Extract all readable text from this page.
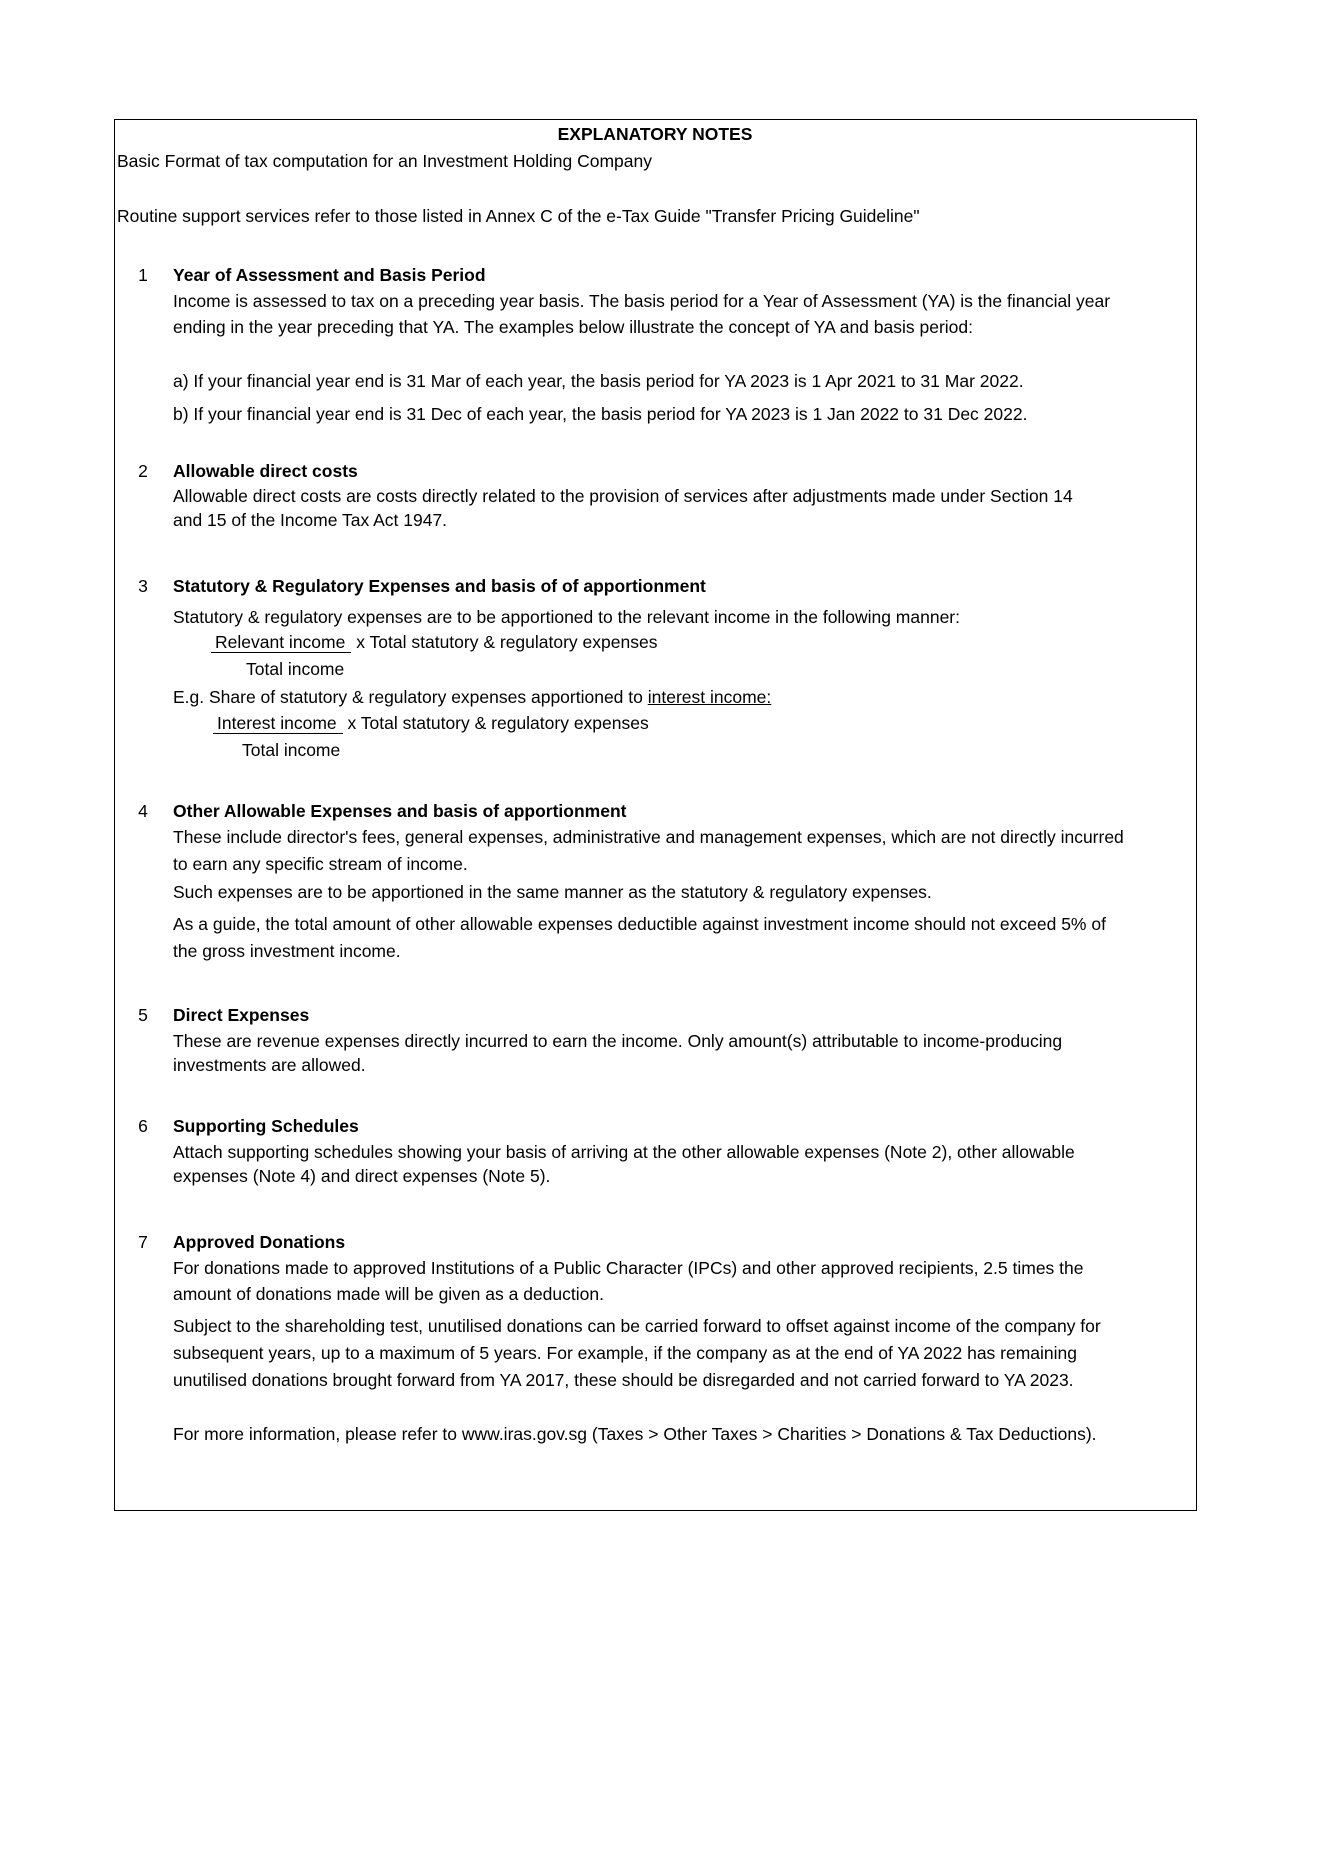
EXPLANATORY NOTES
Basic Format of tax computation for an Investment Holding Company
Routine support services refer to those listed in Annex C of the e-Tax Guide "Transfer Pricing Guideline"
1 Year of Assessment and Basis Period
Income is assessed to tax on a preceding year basis. The basis period for a Year of Assessment (YA) is the financial year
ending in the year preceding that YA. The examples below illustrate the concept of YA and basis period:
a) If your financial year end is 31 Mar of each year, the basis period for YA 2023 is 1 Apr 2021 to 31 Mar 2022.
b) If your financial year end is 31 Dec of each year, the basis period for YA 2023 is 1 Jan 2022 to 31 Dec 2022.
2 Allowable direct costs
Allowable direct costs are costs directly related to the provision of services after adjustments made under Section 14
and 15 of the Income Tax Act 1947.
3 Statutory & Regulatory Expenses and basis of of apportionment
Statutory & regulatory expenses are to be apportioned to the relevant income in the following manner:
Relevant income x Total statutory & regulatory expenses
Total income
E.g. Share of statutory & regulatory expenses apportioned to interest income:
Interest income x Total statutory & regulatory expenses
Total income
4 Other Allowable Expenses and basis of apportionment
These include director's fees, general expenses, administrative and management expenses, which are not directly incurred
to earn any specific stream of income.
Such expenses are to be apportioned in the same manner as the statutory & regulatory expenses.
As a guide, the total amount of other allowable expenses deductible against investment income should not exceed 5% of
the gross investment income.
5 Direct Expenses
These are revenue expenses directly incurred to earn the income. Only amount(s) attributable to income-producing
investments are allowed.
6 Supporting Schedules
Attach supporting schedules showing your basis of arriving at the other allowable expenses (Note 2), other allowable
expenses (Note 4) and direct expenses (Note 5).
7 Approved Donations
For donations made to approved Institutions of a Public Character (IPCs) and other approved recipients, 2.5 times the
amount of donations made will be given as a deduction.
Subject to the shareholding test, unutilised donations can be carried forward to offset against income of the company for
subsequent years, up to a maximum of 5 years. For example, if the company as at the end of YA 2022 has remaining
unutilised donations brought forward from YA 2017, these should be disregarded and not carried forward to YA 2023.
For more information, please refer to www.iras.gov.sg (Taxes > Other Taxes > Charities > Donations & Tax Deductions).
